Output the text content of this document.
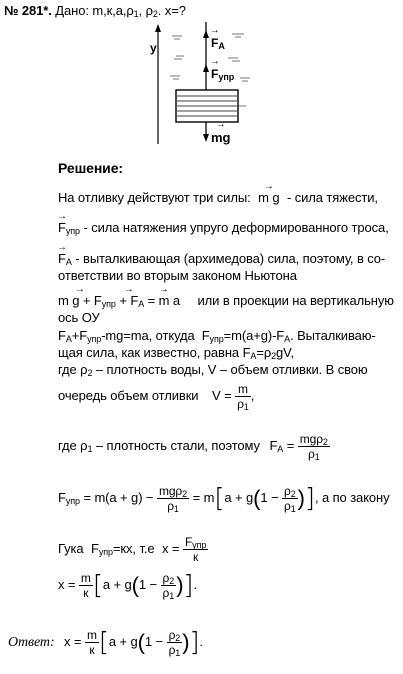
№ 281*. Дано: $m,к,a,\rho_1$, $\rho_2$. x=?
y	→ $F_A$
→ $F_{упр}$
→ mg
Решение:
На отливку действуют три силы: → m g - сила тяжести,
→ $F_{упр}$ - сила натяжения упруго деформированного троса,
→ $F_A$ - выталкивающая (архимедова) сила, поэтому, в со-
ответствии во вторым законом Ньютона
→ m $g + F_{упр}$ → + $F_A$ → = m a или в проекции на вертикальную
ось ОУ
$F_A+F_{упр}-mg=ma$, откуда $F_{упр}=m(a+g)-F_A$. Выталкиваю-
щая сила, как известно, равна $F_A=\rho_2gV$,
где $\rho_2$ – плотность воды, V – объем отливки. В свою
очередь объем отливки $V = \frac{m}{\rho_1}$ ,
где $\rho_1$ – плотность стали, поэтому $F_A = \frac{mg\rho_2}{\rho_1}$
$F_{упр} = m(a + g) - \frac{mg\rho_2}{\rho_1} = m[a + g(1 - \frac{\rho_2}{\rho_1}$ )], а по закону
Гука $F_{упр}=кx$, т.е $x = \frac{F_{упр}}{к}$
$x = \frac{m}{к} [a + g(1 - \frac{\rho_2}{\rho_1}$ )].
Ответ: $x = \frac{m}{к} [a + g(1 - \frac{\rho_2}{\rho_1}$ )].
